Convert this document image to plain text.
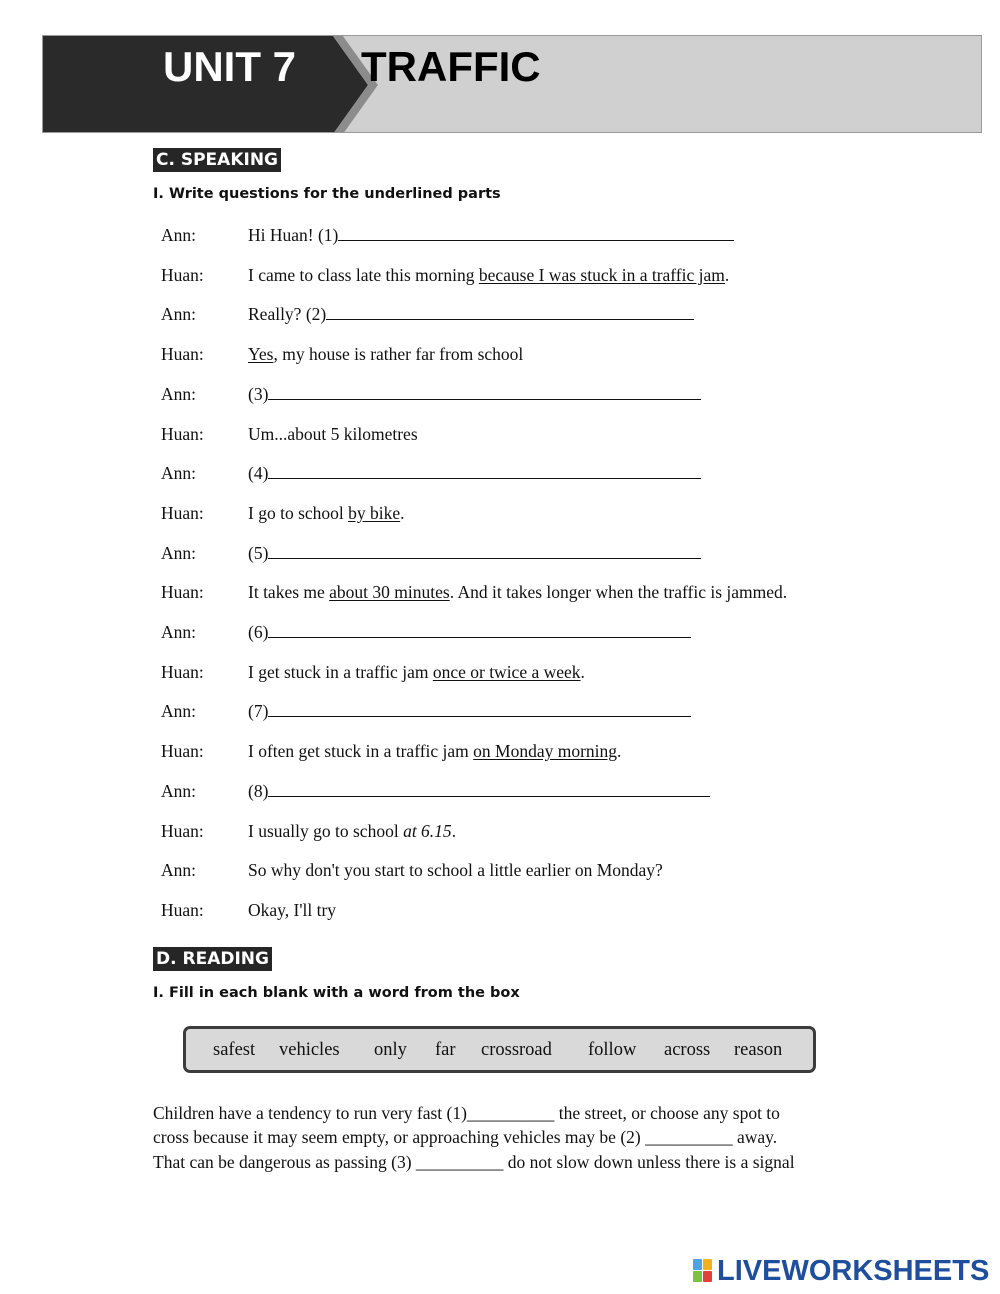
UNIT 7 TRAFFIC
C. SPEAKING
I. Write questions for the underlined parts
Ann:	Hi Huan! (1)
Huan:	I came to class late this morning because I was stuck in a traffic jam.
Ann:	Really? (2)
Huan:	Yes, my house is rather far from school
Ann:	(3)
Huan:	Um...about 5 kilometres
Ann:	(4)
Huan:	I go to school by bike.
Ann:	(5)
Huan:	It takes me about 30 minutes. And it takes longer when the traffic is jammed.
Ann:	(6)
Huan:	I get stuck in a traffic jam once or twice a week.
Ann:	(7)
Huan:	I often get stuck in a traffic jam on Monday morning.
Ann:	(8)
Huan:	I usually go to school at 6.15.
Ann:	So why don't you start to school a little earlier on Monday?
Huan:	Okay, I'll try
D. READING
I. Fill in each blank with a word from the box
safest vehicles only far crossroad follow across reason
Children have a tendency to run very fast (1)__________ the street, or choose any spot to
cross because it may seem empty, or approaching vehicles may be (2) __________ away.
That can be dangerous as passing (3) __________ do not slow down unless there is a signal
LIVEWORKSHEETS
